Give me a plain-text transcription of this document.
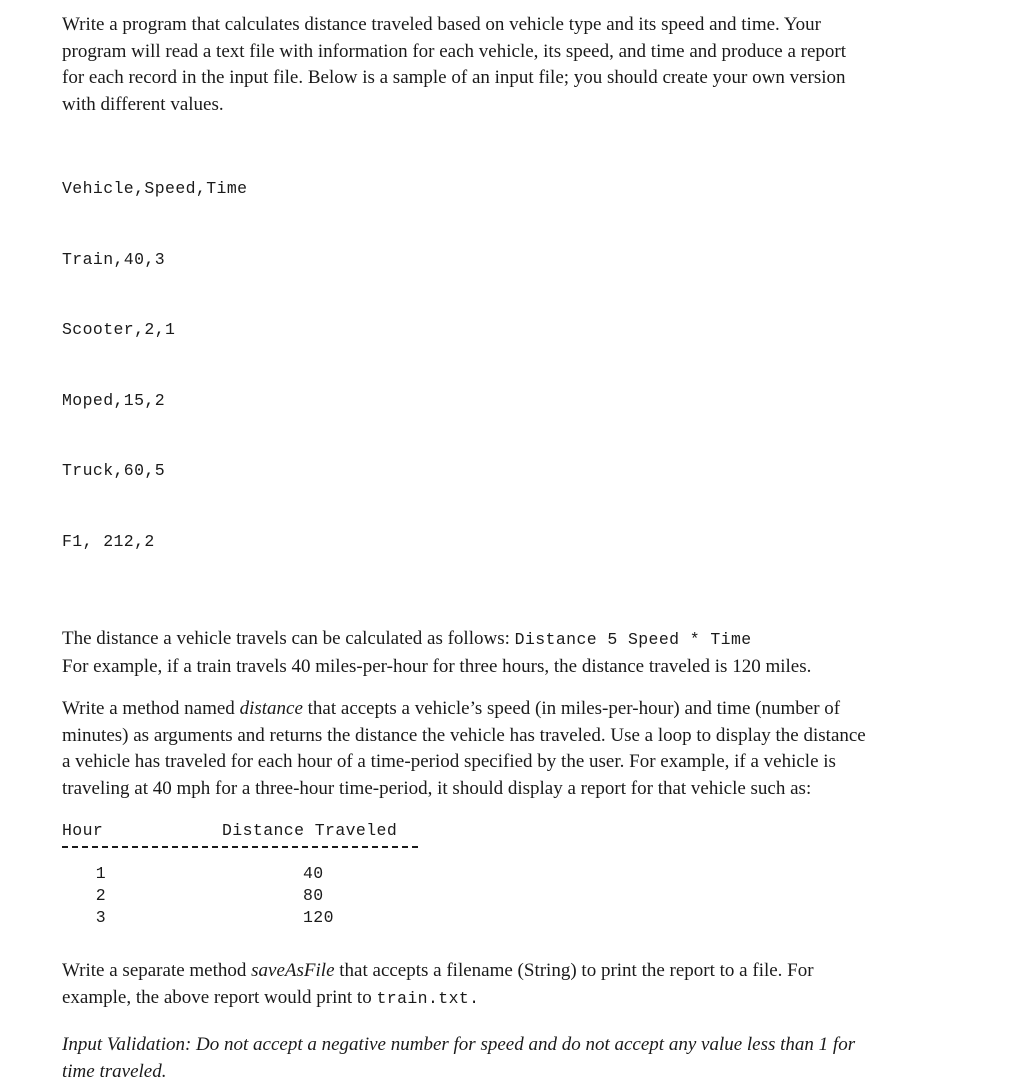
Write a program that calculates distance traveled based on vehicle type and its speed and time. Your
program will read a text file with information for each vehicle, its speed, and time and produce a report
for each record in the input file. Below is a sample of an input file; you should create your own version
with different values.

Vehicle,Speed,Time

Train,40,3

Scooter,2,1

Moped,15,2

Truck,60,5

F1, 212,2

The distance a vehicle travels can be calculated as follows: Distance 5 Speed * Time
For example, if a train travels 40 miles-per-hour for three hours, the distance traveled is 120 miles.

Write a method named distance that accepts a vehicle’s speed (in miles-per-hour) and time (number of
minutes) as arguments and returns the distance the vehicle has traveled. Use a loop to display the distance
a vehicle has traveled for each hour of a time-period specified by the user. For example, if a vehicle is
traveling at 40 mph for a three-hour time-period, it should display a report for that vehicle such as:

Hour	Distance Traveled
1	40
2	80
3	120

Write a separate method saveAsFile that accepts a filename (String) to print the report to a file. For
example, the above report would print to train.txt.

Input Validation: Do not accept a negative number for speed and do not accept any value less than 1 for
time traveled.
